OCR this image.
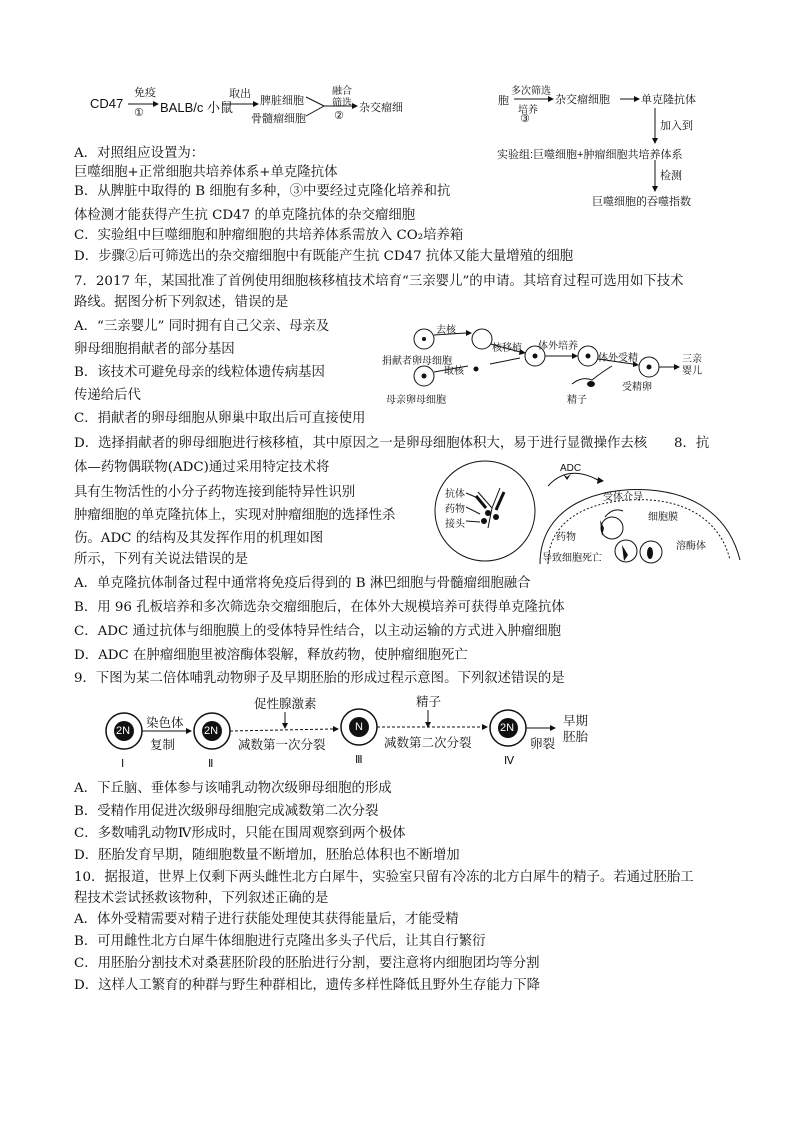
CD47
免疫
① BALB/c 小鼠
取出
脾脏细胞
骨髓瘤细胞
融合
筛选
②
杂交瘤细
胞
多次筛选
培养
③
杂交瘤细胞	单克隆抗体
加入到
实验组:巨噬细胞+肿瘤细胞共培养体系
检测
巨噬细胞的吞噬指数
A．对照组应设置为：
巨噬细胞+正常细胞共培养体系+单克隆抗体
B．从脾脏中取得的 B 细胞有多种，③中要经过克隆化培养和抗
体检测才能获得产生抗 CD47 的单克隆抗体的杂交瘤细胞
C．实验组中巨噬细胞和肿瘤细胞的共培养体系需放入 CO₂培养箱
D．步骤②后可筛选出的杂交瘤细胞中有既能产生抗 CD47 抗体又能大量增殖的细胞
7．2017 年，某国批准了首例使用细胞核移植技术培育“三亲婴儿”的申请。其培育过程可选用如下技术
路线。据图分析下列叙述，错误的是
A．“三亲婴儿” 同时拥有自己父亲、母亲及
卵母细胞捐献者的部分基因
B．该技术可避免母亲的线粒体遗传病基因
传递给后代
C．捐献者的卵母细胞从卵巢中取出后可直接使用
D．选择捐献者的卵母细胞进行核移植，其中原因之一是卵母细胞体积大，易于进行显微操作去核
去核
捐献者卵母细胞
取核
母亲卵母细胞
核移植 体外培养
体外受精
精子
受精卵
三亲婴儿
8．抗
体—药物偶联物(ADC)通过采用特定技术将
具有生物活性的小分子药物连接到能特异性识别
肿瘤细胞的单克隆抗体上，实现对肿瘤细胞的选择性杀
伤。ADC 的结构及其发挥作用的机理如图
所示，下列有关说法错误的是
A．单克隆抗体制备过程中通常将免疫后得到的 B 淋巴细胞与骨髓瘤细胞融合
B．用 96 孔板培养和多次筛选杂交瘤细胞后，在体外大规模培养可获得单克隆抗体
C．ADC 通过抗体与细胞膜上的受体特异性结合，以主动运输的方式进入肿瘤细胞
D．ADC 在肿瘤细胞里被溶酶体裂解，释放药物，使肿瘤细胞死亡
抗体
药物
接头
ADC
受体介导
细胞膜
药物
溶酶体
导致细胞死亡
9．下图为某二倍体哺乳动物卵子及早期胚胎的形成过程示意图。下列叙述错误的是
2N	2N	N	2N
Ⅰ	Ⅱ	Ⅲ	Ⅳ
染色体
复制
促性腺激素
减数第一次分裂
精子
减数第二次分裂	卵裂
早期胚胎
A．下丘脑、垂体参与该哺乳动物次级卵母细胞的形成
B．受精作用促进次级卵母细胞完成减数第二次分裂
C．多数哺乳动物Ⅳ形成时，只能在围周观察到两个极体
D．胚胎发育早期，随细胞数量不断增加，胚胎总体积也不断增加
10．据报道，世界上仅剩下两头雌性北方白犀牛，实验室只留有冷冻的北方白犀牛的精子。若通过胚胎工
程技术尝试拯救该物种，下列叙述正确的是
A．体外受精需要对精子进行获能处理使其获得能量后，才能受精
B．可用雌性北方白犀牛体细胞进行克隆出多头子代后，让其自行繁衍
C．用胚胎分割技术对桑葚胚阶段的胚胎进行分割，要注意将内细胞团均等分割
D．这样人工繁育的种群与野生种群相比，遗传多样性降低且野外生存能力下降
